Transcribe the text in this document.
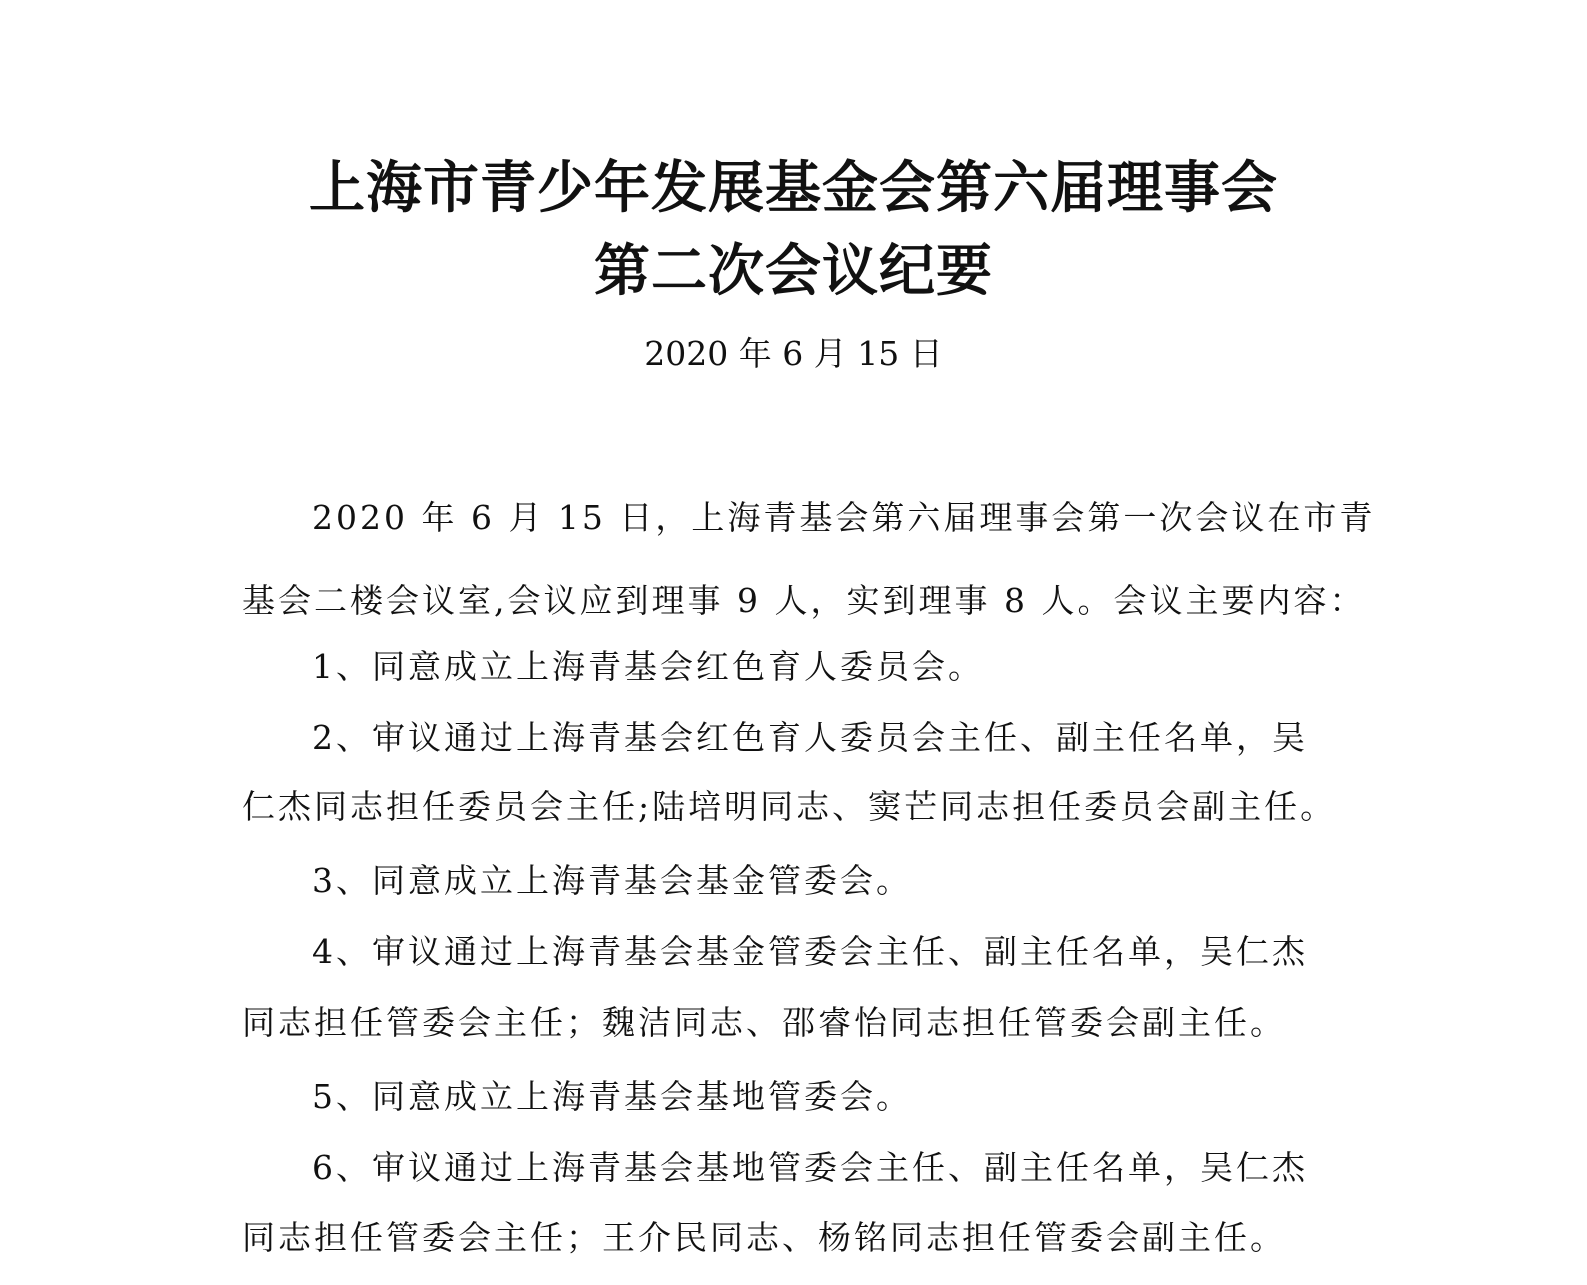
上海市青少年发展基金会第六届理事会
第二次会议纪要
2020 年 6 月 15 日
2020 年 6 月 15 日，上海青基会第六届理事会第一次会议在市青
基会二楼会议室,会议应到理事 9 人，实到理事 8 人。会议主要内容：
1、同意成立上海青基会红色育人委员会。
2、审议通过上海青基会红色育人委员会主任、副主任名单，吴
仁杰同志担任委员会主任;陆培明同志、窦芒同志担任委员会副主任。
3、同意成立上海青基会基金管委会。
4、审议通过上海青基会基金管委会主任、副主任名单，吴仁杰
同志担任管委会主任；魏洁同志、邵睿怡同志担任管委会副主任。
5、同意成立上海青基会基地管委会。
6、审议通过上海青基会基地管委会主任、副主任名单，吴仁杰
同志担任管委会主任；王介民同志、杨铭同志担任管委会副主任。
